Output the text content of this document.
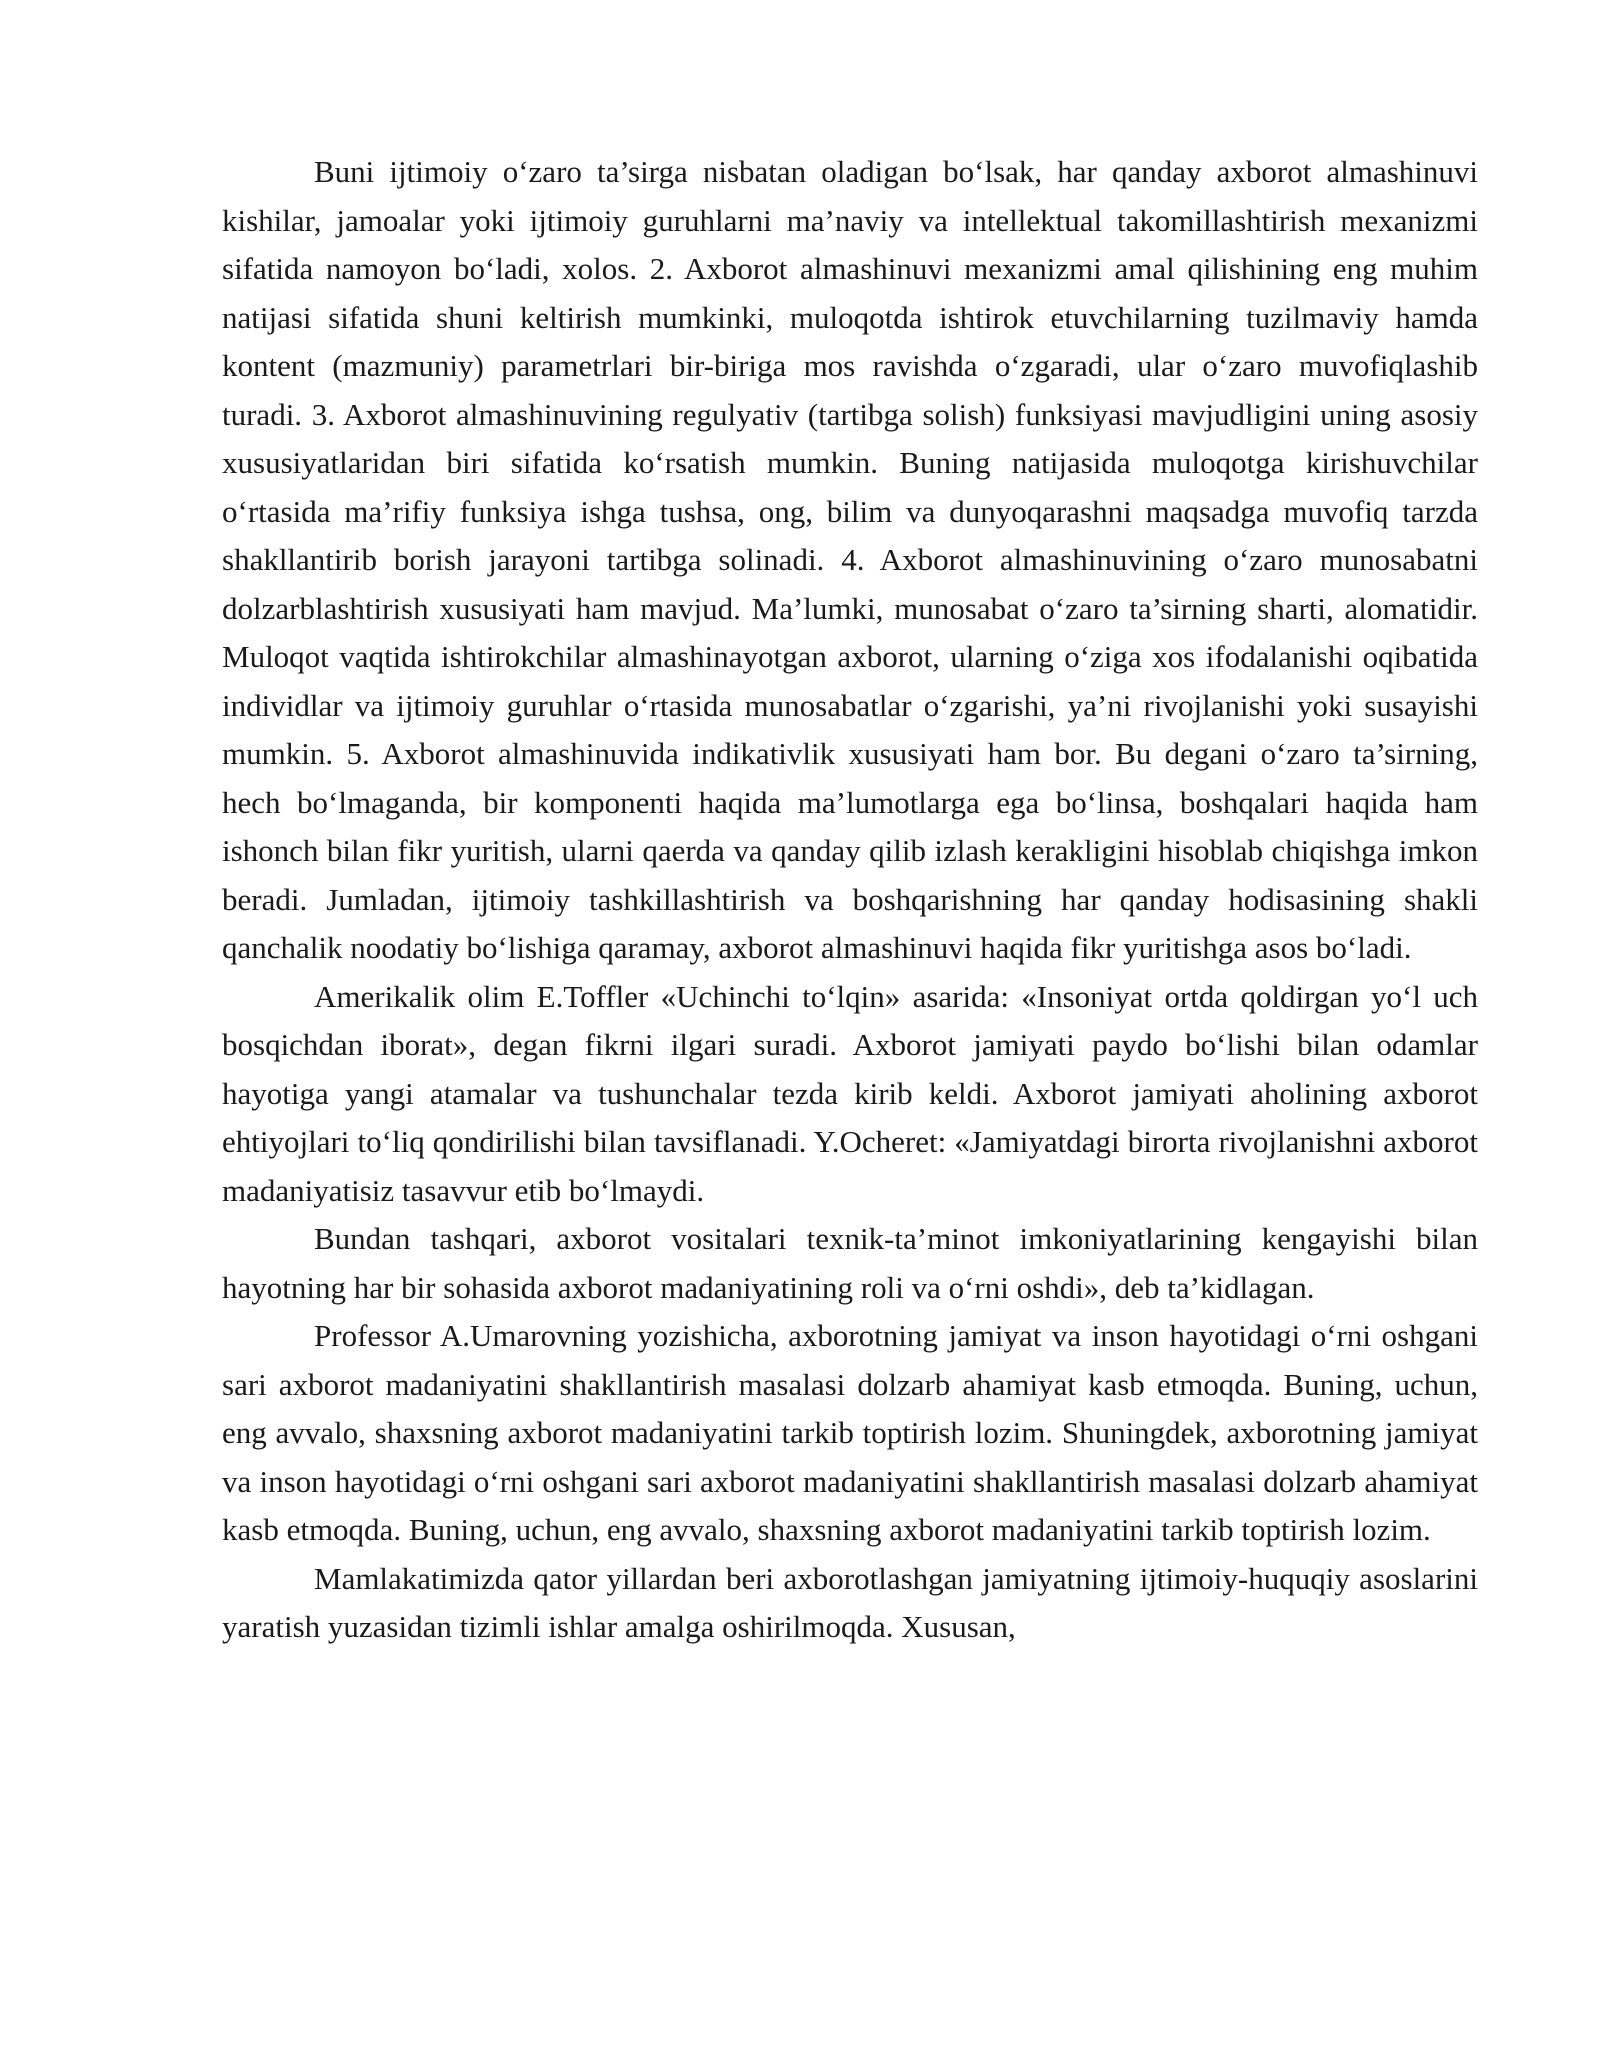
Buni ijtimoiy o‘zaro ta’sirga nisbatan oladigan bo‘lsak, har qanday axborot almashinuvi kishilar, jamoalar yoki ijtimoiy guruhlarni ma’naviy va intellektual takomillashtirish mexanizmi sifatida namoyon bo‘ladi, xolos. 2. Axborot almashinuvi mexanizmi amal qilishining eng muhim natijasi sifatida shuni keltirish mumkinki, muloqotda ishtirok etuvchilarning tuzilmaviy hamda kontent (mazmuniy) parametrlari bir-biriga mos ravishda o‘zgaradi, ular o‘zaro muvofiqlashib turadi. 3. Axborot almashinuvining regulyativ (tartibga solish) funksiyasi mavjudligini uning asosiy xususiyatlaridan biri sifatida ko‘rsatish mumkin. Buning natijasida muloqotga kirishuvchilar o‘rtasida ma’rifiy funksiya ishga tushsa, ong, bilim va dunyoqarashni maqsadga muvofiq tarzda shakllantirib borish jarayoni tartibga solinadi. 4. Axborot almashinuvining o‘zaro munosabatni dolzarblashtirish xususiyati ham mavjud. Ma’lumki, munosabat o‘zaro ta’sirning sharti, alomatidir. Muloqot vaqtida ishtirokchilar almashinayotgan axborot, ularning o‘ziga xos ifodalanishi oqibatida individlar va ijtimoiy guruhlar o‘rtasida munosabatlar o‘zgarishi, ya’ni rivojlanishi yoki susayishi mumkin. 5. Axborot almashinuvida indikativlik xususiyati ham bor. Bu degani o‘zaro ta’sirning, hech bo‘lmaganda, bir komponenti haqida ma’lumotlarga ega bo‘linsa, boshqalari haqida ham ishonch bilan fikr yuritish, ularni qaerda va qanday qilib izlash kerakligini hisoblab chiqishga imkon beradi. Jumladan, ijtimoiy tashkillashtirish va boshqarishning har qanday hodisasining shakli qanchalik noodatiy bo‘lishiga qaramay, axborot almashinuvi haqida fikr yuritishga asos bo‘ladi.

Amerikalik olim E.Toffler «Uchinchi to‘lqin» asarida: «Insoniyat ortda qoldirgan yo‘l uch bosqichdan iborat», degan fikrni ilgari suradi. Axborot jamiyati paydo bo‘lishi bilan odamlar hayotiga yangi atamalar va tushunchalar tezda kirib keldi. Axborot jamiyati aholining axborot ehtiyojlari to‘liq qondirilishi bilan tavsiflanadi. Y.Ocheret: «Jamiyatdagi birorta rivojlanishni axborot madaniyatisiz tasavvur etib bo‘lmaydi.

Bundan tashqari, axborot vositalari texnik-ta’minot imkoniyatlarining kengayishi bilan hayotning har bir sohasida axborot madaniyatining roli va o‘rni oshdi», deb ta’kidlagan.

Professor A.Umarovning yozishicha, axborotning jamiyat va inson hayotidagi o‘rni oshgani sari axborot madaniyatini shakllantirish masalasi dolzarb ahamiyat kasb etmoqda. Buning, uchun, eng avvalo, shaxsning axborot madaniyatini tarkib toptirish lozim. Shuningdek, axborotning jamiyat va inson hayotidagi o‘rni oshgani sari axborot madaniyatini shakllantirish masalasi dolzarb ahamiyat kasb etmoqda. Buning, uchun, eng avvalo, shaxsning axborot madaniyatini tarkib toptirish lozim.

Mamlakatimizda qator yillardan beri axborotlashgan jamiyatning ijtimoiy-huquqiy asoslarini yaratish yuzasidan tizimli ishlar amalga oshirilmoqda. Xususan,
